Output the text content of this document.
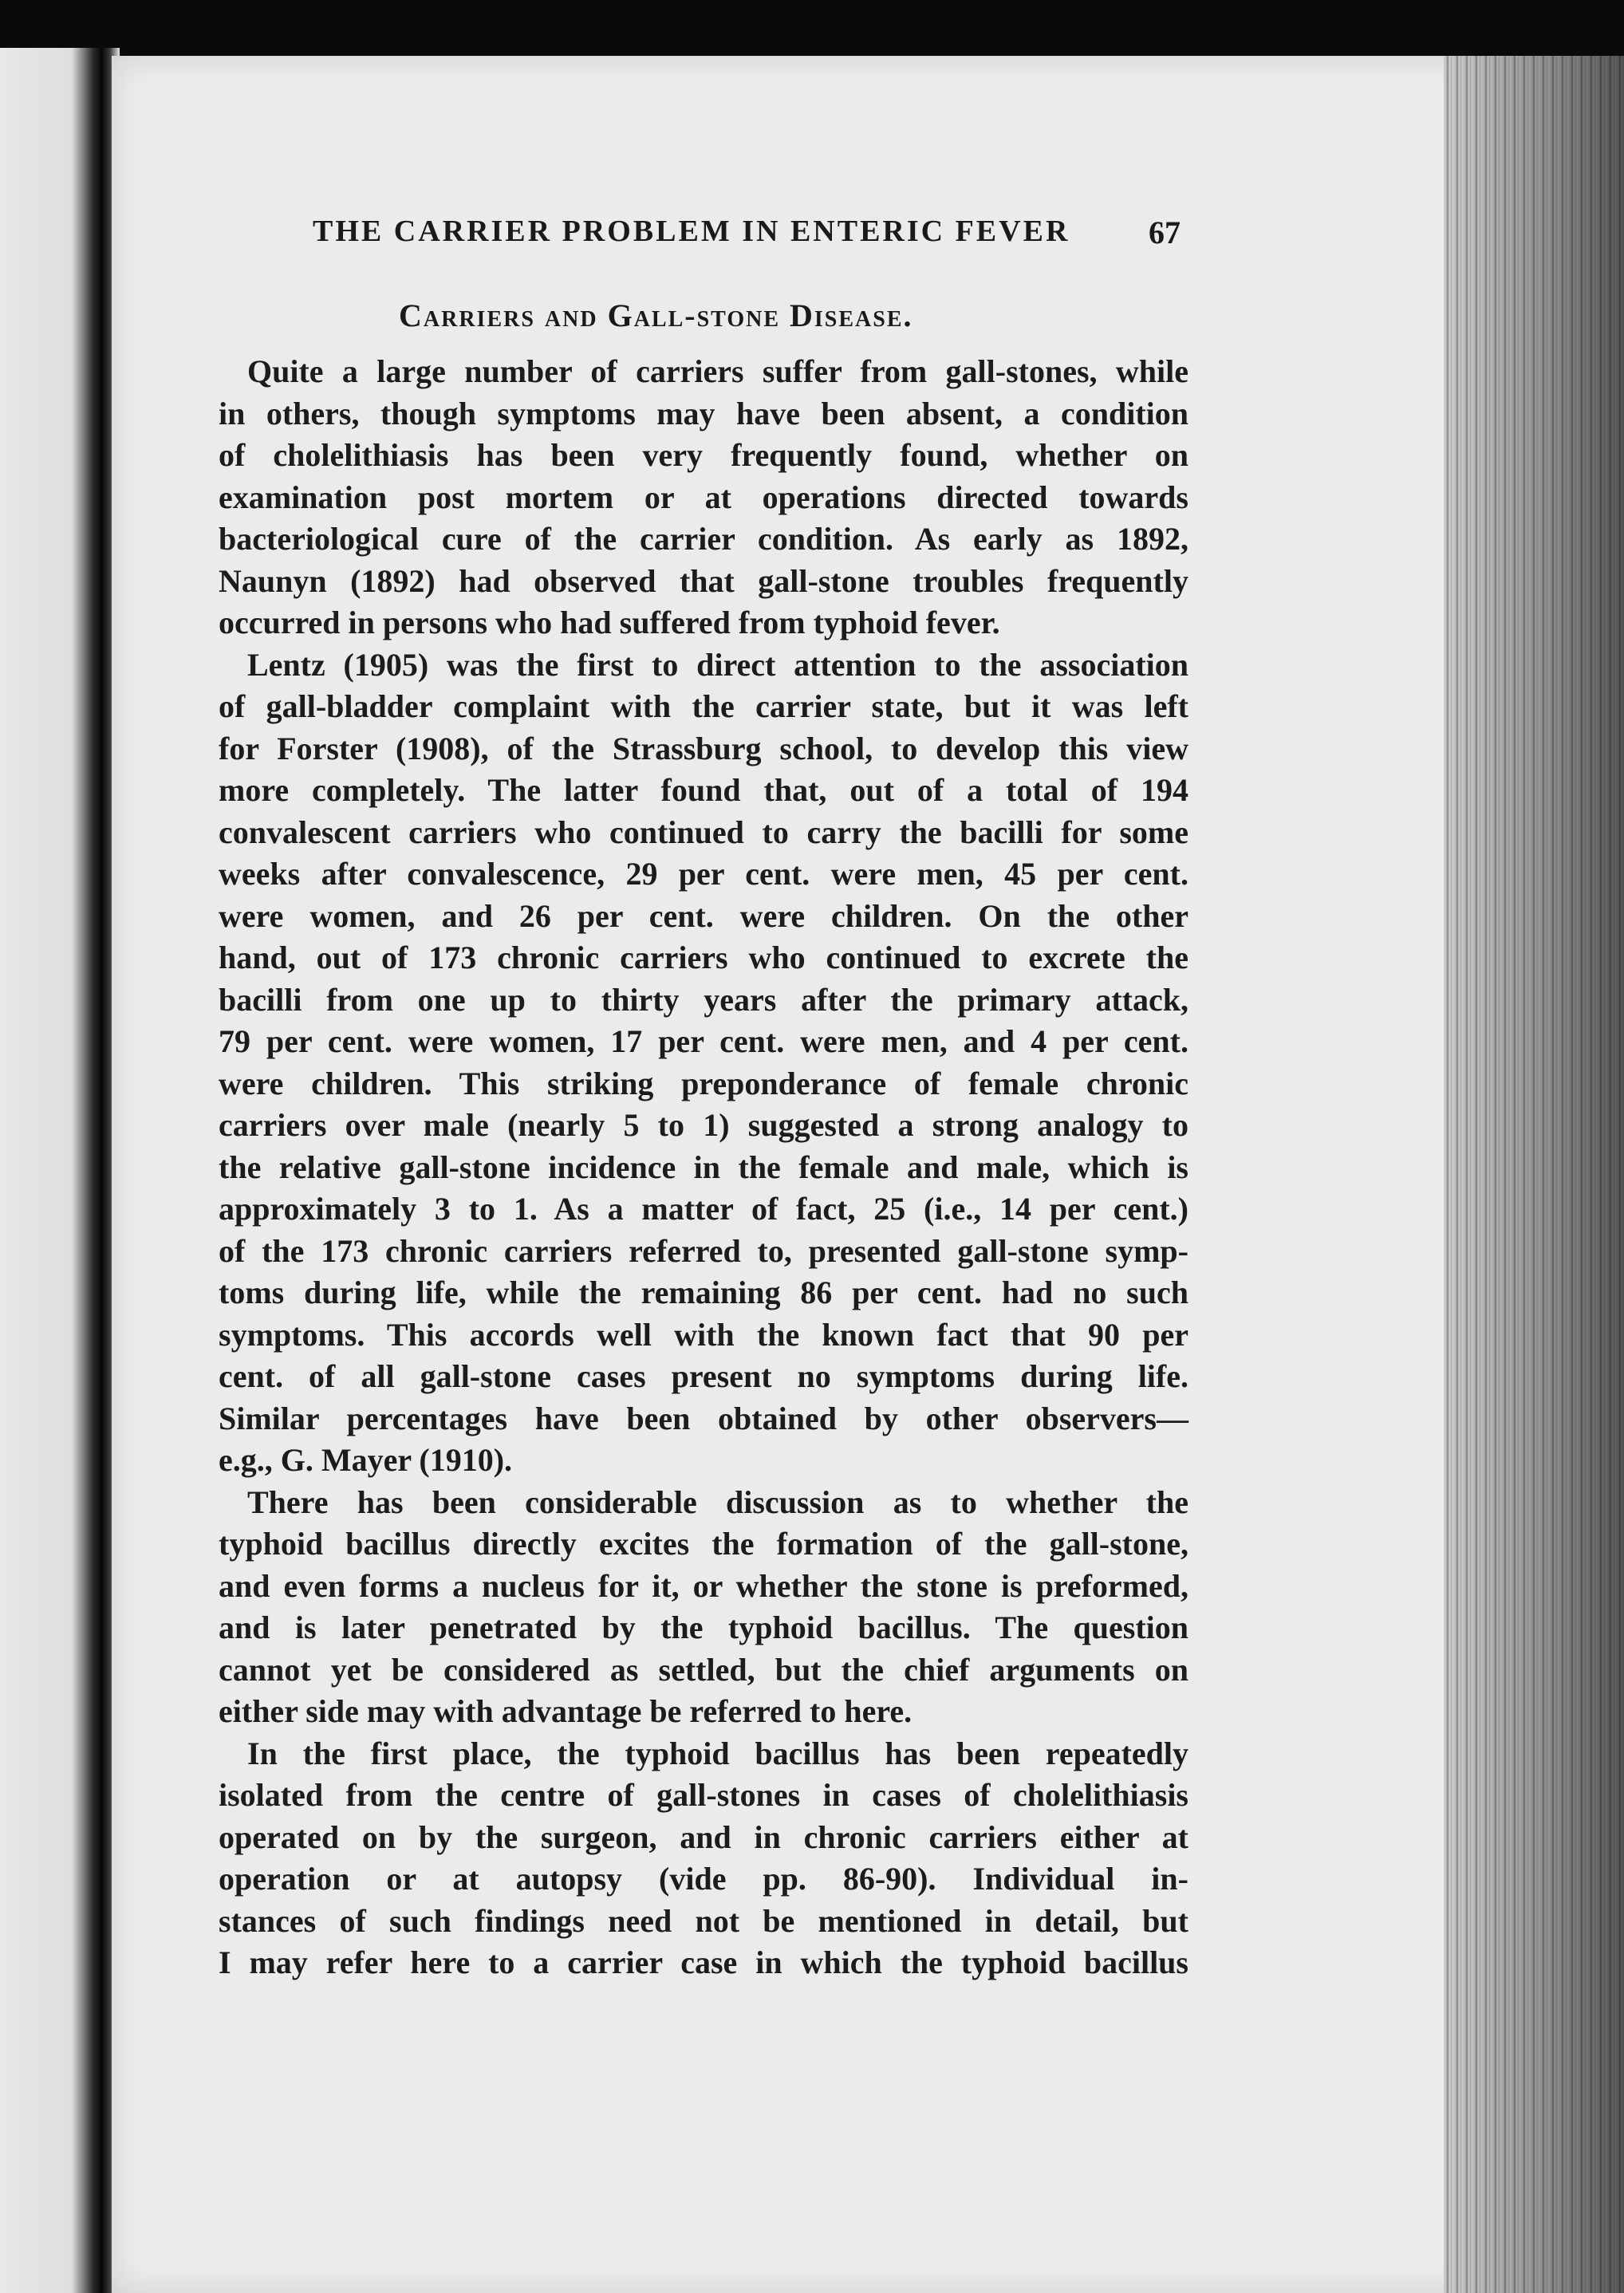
THE CARRIER PROBLEM IN ENTERIC FEVER	67
Carriers and Gall-stone Disease.
Quite a large number of carriers suffer from gall-stones, while
in others, though symptoms may have been absent, a condition
of cholelithiasis has been very frequently found, whether on
examination post mortem or at operations directed towards
bacteriological cure of the carrier condition. As early as 1892,
Naunyn (1892) had observed that gall-stone troubles frequently
occurred in persons who had suffered from typhoid fever.
Lentz (1905) was the first to direct attention to the association
of gall-bladder complaint with the carrier state, but it was left
for Forster (1908), of the Strassburg school, to develop this view
more completely. The latter found that, out of a total of 194
convalescent carriers who continued to carry the bacilli for some
weeks after convalescence, 29 per cent. were men, 45 per cent.
were women, and 26 per cent. were children. On the other
hand, out of 173 chronic carriers who continued to excrete the
bacilli from one up to thirty years after the primary attack,
79 per cent. were women, 17 per cent. were men, and 4 per cent.
were children. This striking preponderance of female chronic
carriers over male (nearly 5 to 1) suggested a strong analogy to
the relative gall-stone incidence in the female and male, which is
approximately 3 to 1. As a matter of fact, 25 (i.e., 14 per cent.)
of the 173 chronic carriers referred to, presented gall-stone symp-
toms during life, while the remaining 86 per cent. had no such
symptoms. This accords well with the known fact that 90 per
cent. of all gall-stone cases present no symptoms during life.
Similar percentages have been obtained by other observers—
e.g., G. Mayer (1910).
There has been considerable discussion as to whether the
typhoid bacillus directly excites the formation of the gall-stone,
and even forms a nucleus for it, or whether the stone is preformed,
and is later penetrated by the typhoid bacillus. The question
cannot yet be considered as settled, but the chief arguments on
either side may with advantage be referred to here.
In the first place, the typhoid bacillus has been repeatedly
isolated from the centre of gall-stones in cases of cholelithiasis
operated on by the surgeon, and in chronic carriers either at
operation or at autopsy (vide pp. 86-90). Individual in-
stances of such findings need not be mentioned in detail, but
I may refer here to a carrier case in which the typhoid bacillus
